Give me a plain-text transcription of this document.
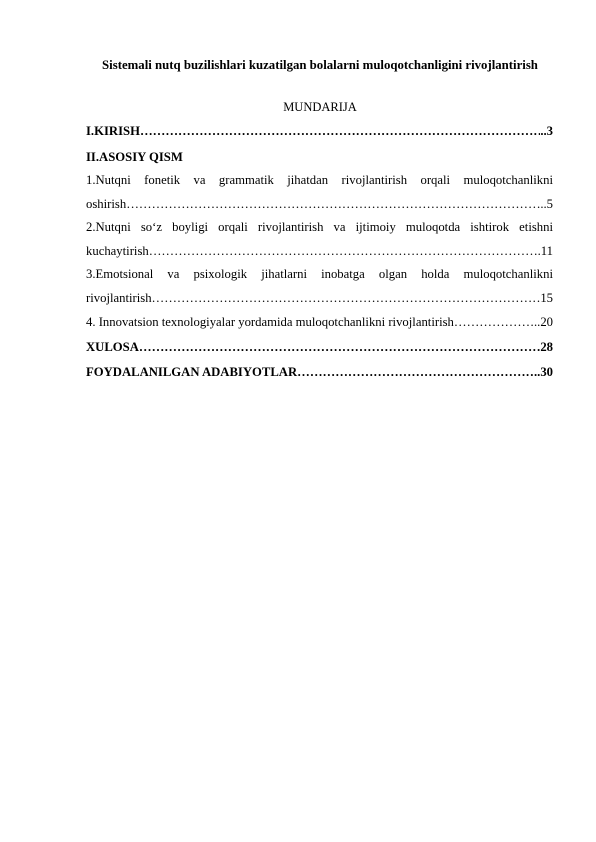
Sistemali nutq buzilishlari kuzatilgan bolalarni muloqotchanligini rivojlantirish
MUNDARIJA
I.KIRISH ……………………………………………………………………………………………………………………………………………	..3
II.ASOSIY QISM
1.Nutqni fonetik va grammatik jihatdan rivojlantirish orqali muloqotchanlikni
oshirish ……………………………………………………………………………………………………………………………………………	..5
2.Nutqni so‘z boyligi orqali rivojlantirish va ijtimoiy muloqotda ishtirok etishni
kuchaytirish ……………………………………………………………………………………………………………………………………………	.11
3.Emotsional va psixologik jihatlarni inobatga olgan holda muloqotchanlikni
rivojlantirish ……………………………………………………………………………………………………………………………………………	15
4. Innovatsion texnologiyalar yordamida muloqotchanlikni rivojlantirish ……………………………………………………………………………………………………………………………………………	..20
XULOSA ……………………………………………………………………………………………………………………………………………	28
FOYDALANILGAN ADABIYOTLAR ……………………………………………………………………………………………………………………………………………	..30
